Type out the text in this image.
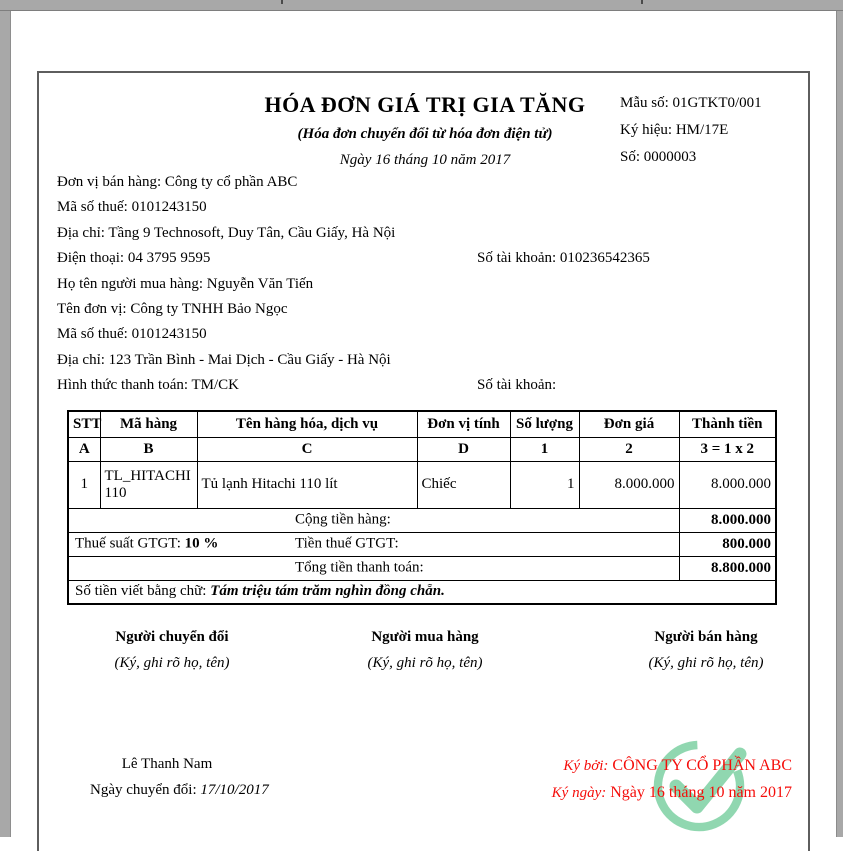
HÓA ĐƠN GIÁ TRỊ GIA TĂNG
(Hóa đơn chuyển đổi từ hóa đơn điện tử)
Ngày 16 tháng 10 năm 2017
Mẫu số: 01GTKT0/001
Ký hiệu: HM/17E
Số: 0000003
Đơn vị bán hàng: Công ty cổ phần ABC
Mã số thuế: 0101243150
Địa chỉ: Tầng 9 Technosoft, Duy Tân, Cầu Giấy, Hà Nội
Điện thoại: 04 3795 9595	Số tài khoản: 010236542365
Họ tên người mua hàng: Nguyễn Văn Tiến
Tên đơn vị: Công ty TNHH Bảo Ngọc
Mã số thuế: 0101243150
Địa chỉ: 123 Trần Bình - Mai Dịch - Cầu Giấy - Hà Nội
Hình thức thanh toán: TM/CK	Số tài khoản:
STT	Mã hàng	Tên hàng hóa, dịch vụ	Đơn vị tính	Số lượng	Đơn giá	Thành tiền
A	B	C	D	1	2	3 = 1 x 2
1	TL_HITACHI 110	Tủ lạnh Hitachi 110 lít	Chiếc	1	8.000.000	8.000.000

Cộng tiền hàng:						8.000.000

Thuế suất GTGT: 10 % Tiền thuế GTGT:						800.000

Tổng tiền thanh toán:						8.800.000
Số tiền viết bằng chữ: Tám triệu tám trăm nghìn đồng chẵn.						
Người chuyển đổi
(Ký, ghi rõ họ, tên)
Người mua hàng
(Ký, ghi rõ họ, tên)
Người bán hàng
(Ký, ghi rõ họ, tên)
Lê Thanh Nam
Ngày chuyển đổi: 17/10/2017
Ký bởi: CÔNG TY CỔ PHẦN ABC
Ký ngày: Ngày 16 tháng 10 năm 2017
